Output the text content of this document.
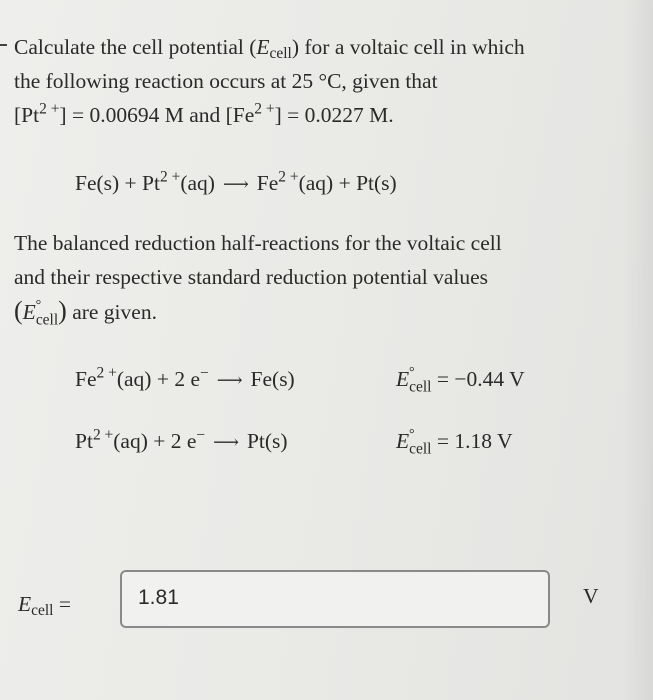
Calculate the cell potential $(E_{cell})$ for a voltaic cell in which
the following reaction occurs at 25 °C, given that
$[Pt^{2 +}] = 0.00694$ M and $[Fe^{2 +}] = 0.0227$ M.

$Fe(s) + Pt^{2 +}(aq)$ ⟶ $Fe^{2 +}(aq) + Pt(s)$

The balanced reduction half-reactions for the voltaic cell
and their respective standard reduction potential values
(E °
$_{cell}$) are given.

$Fe^{2 +}(aq) + 2$ e− ⟶ Fe(s)	E °
$_{cell}$ = −0.44 V
$Pt^{2 +}(aq) + 2$ e− ⟶ Pt(s)	E °
$_{cell}$ = 1.18 V
$E_{cell}$ =
1.81	V
